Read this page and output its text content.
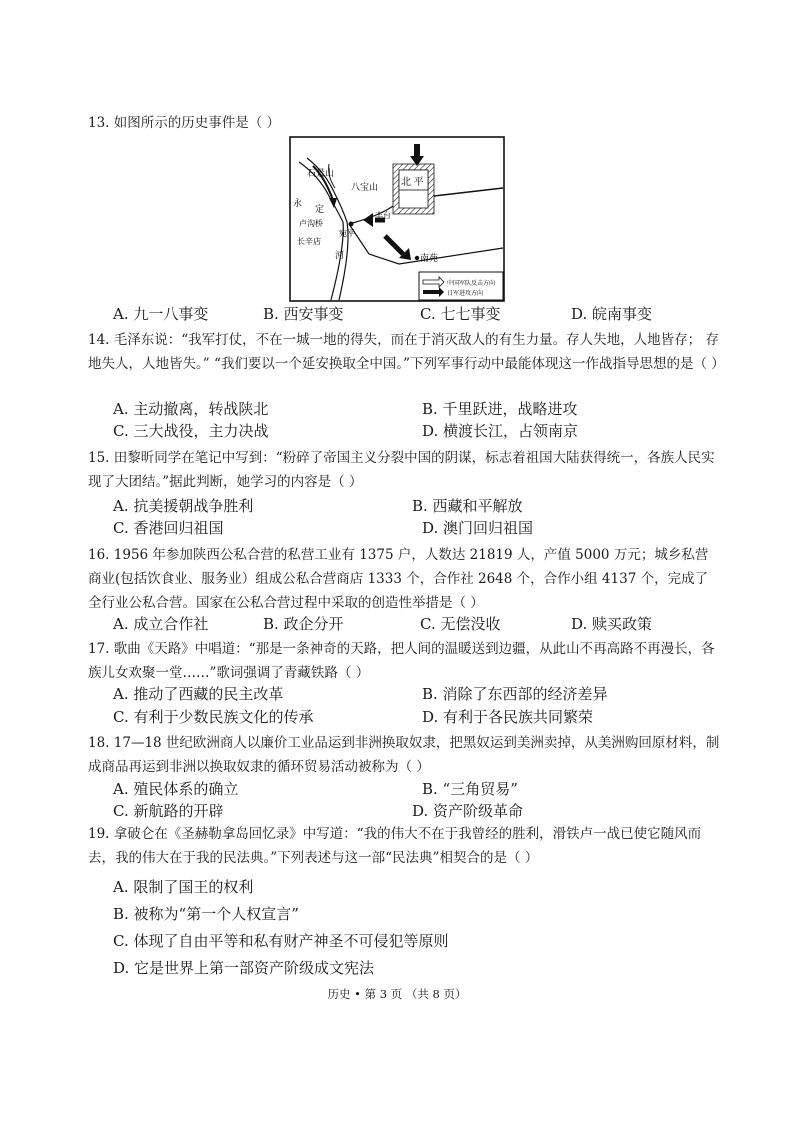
13. 如图所示的历史事件是（ ）
北 平
石景山
八宝山
永
定
卢沟桥
丰台
宛平
长辛店
河	南苑
中国军队反击方向
日军进攻方向
A. 九一八事变	B. 西安事变	C. 七七事变	D. 皖南事变
14. 毛泽东说：“我军打仗，不在一城一地的得失，而在于消灭敌人的有生力量。存人失地，人地皆存； 存地失人，人地皆失。” “我们要以一个延安换取全中国。”下列军事行动中最能体现这一作战指导思想的是（ ）
A. 主动撤离，转战陕北	B. 千里跃进，战略进攻
C. 三大战役，主力决战	D. 横渡长江，占领南京
15. 田黎昕同学在笔记中写到：“粉碎了帝国主义分裂中国的阴谋，标志着祖国大陆获得统一，各族人民实现了大团结。”据此判断，她学习的内容是（ ）
A. 抗美援朝战争胜利	B. 西藏和平解放
C. 香港回归祖国	D. 澳门回归祖国
16. 1956 年参加陕西公私合营的私营工业有 1375 户，人数达 21819 人，产值 5000 万元；城乡私营商业(包括饮食业、服务业）组成公私合营商店 1333 个，合作社 2648 个，合作小组 4137 个，完成了全行业公私合营。国家在公私合营过程中采取的创造性举措是（ ）
A. 成立合作社	B. 政企分开	C. 无偿没收	D. 赎买政策
17. 歌曲《天路》中唱道：“那是一条神奇的天路，把人间的温暖送到边疆，从此山不再高路不再漫长，各族儿女欢聚一堂……”歌词强调了青藏铁路（ ）
A. 推动了西藏的民主改革	B. 消除了东西部的经济差异
C. 有利于少数民族文化的传承	D. 有利于各民族共同繁荣
18. 17—18 世纪欧洲商人以廉价工业品运到非洲换取奴隶，把黑奴运到美洲卖掉，从美洲购回原材料，制成商品再运到非洲以换取奴隶的循环贸易活动被称为（ ）
A. 殖民体系的确立	B. “三角贸易”
C. 新航路的开辟	D. 资产阶级革命
19. 拿破仑在《圣赫勒拿岛回忆录》中写道：“我的伟大不在于我曾经的胜利，滑铁卢一战已使它随风而去，我的伟大在于我的民法典。”下列表述与这一部“民法典”相契合的是（ ）
A. 限制了国王的权利
B. 被称为“第一个人权宣言”
C. 体现了自由平等和私有财产神圣不可侵犯等原则
D. 它是世界上第一部资产阶级成文宪法
历史 • 第 3 页 （共 8 页）
